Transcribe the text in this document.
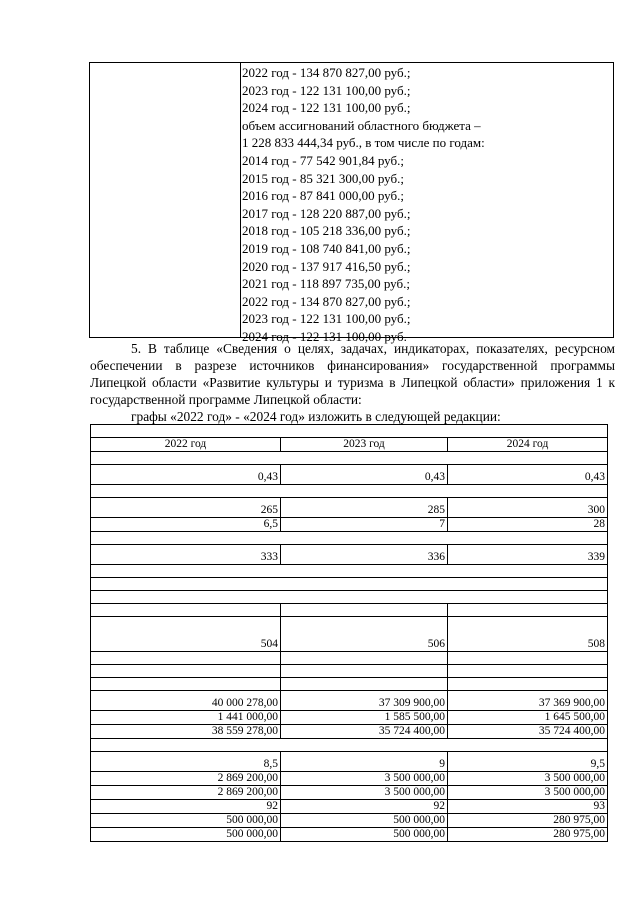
2022 год - 134 870 827,00 руб.;
2023 год - 122 131 100,00 руб.;
2024 год - 122 131 100,00 руб.;
объем ассигнований областного бюджета –
1 228 833 444,34 руб., в том числе по годам:
2014 год - 77 542 901,84 руб.;
2015 год - 85 321 300,00 руб.;
2016 год - 87 841 000,00 руб.;
2017 год - 128 220 887,00 руб.;
2018 год - 105 218 336,00 руб.;
2019 год - 108 740 841,00 руб.;
2020 год - 137 917 416,50 руб.;
2021 год - 118 897 735,00 руб.;
2022 год - 134 870 827,00 руб.;
2023 год - 122 131 100,00 руб.;
2024 год - 122 131 100,00 руб.
5. В таблице «Сведения о целях, задачах, индикаторах, показателях, ресурсном обеспечении в разрезе источников финансирования» государственной программы Липецкой области «Развитие культуры и туризма в Липецкой области» приложения 1 к государственной программе Липецкой области:
графы «2022 год» - «2024 год» изложить в следующей редакции:

2022 год	2023 год	2024 год

0,43	0,43	0,43

265	285	300
6,5	7	28

333	336	339

504	506	508

40 000 278,00	37 309 900,00	37 369 900,00
1 441 000,00	1 585 500,00	1 645 500,00
38 559 278,00	35 724 400,00	35 724 400,00

8,5	9	9,5
2 869 200,00	3 500 000,00	3 500 000,00
2 869 200,00	3 500 000,00	3 500 000,00
92	92	93
500 000,00	500 000,00	280 975,00
500 000,00	500 000,00	280 975,00
